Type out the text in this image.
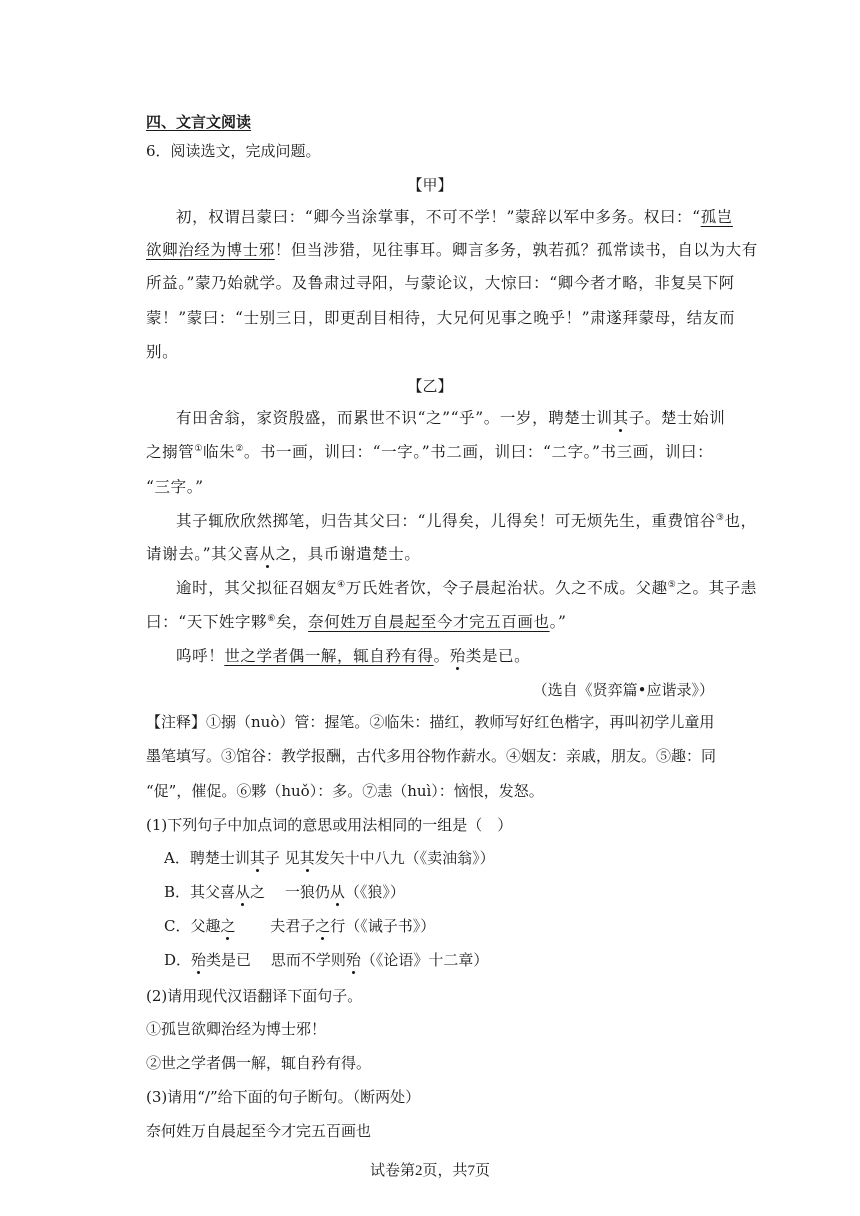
四、文言文阅读
6．阅读选文，完成问题。
【甲】
初，权谓吕蒙曰：“卿今当涂掌事，不可不学！”蒙辞以军中多务。权曰：“孤岂
欲卿治经为博士邪！但当涉猎，见往事耳。卿言多务，孰若孤？孤常读书，自以为大有
所益。”蒙乃始就学。及鲁肃过寻阳，与蒙论议，大惊曰：“卿今者才略，非复吴下阿
蒙！”蒙曰：“士别三日，即更刮目相待，大兄何见事之晚乎！”肃遂拜蒙母，结友而
别。
【乙】
有田舍翁，家资殷盛，而累世不识“之”“乎”。一岁，聘楚士训其子。楚士始训
之搦管①临朱②。书一画，训曰：“一字。”书二画，训曰：“二字。”书三画，训曰：
“三字。”
其子辄欣欣然掷笔，归告其父曰：“儿得矣，儿得矣！可无烦先生，重费馆谷③也，
请谢去。”其父喜从之，具币谢遣楚士。
逾时，其父拟征召姻友④万氏姓者饮，令子晨起治状。久之不成。父趣⑤之。其子恚
曰：“天下姓字夥⑥矣，奈何姓万自晨起至今才完五百画也。”
呜呼！世之学者偶一解，辄自矜有得。殆类是已。
（选自《贤弈篇•应谐录》）
【注释】①搦（nuò）管：握笔。②临朱：描红，教师写好红色楷字，再叫初学儿童用
墨笔填写。③馆谷：教学报酬，古代多用谷物作薪水。④姻友：亲戚，朋友。⑤趣：同
“促”，催促。⑥夥（huǒ）：多。⑦恚（huì）：恼恨，发怒。
(1)下列句子中加点词的意思或用法相同的一组是（　）
A．聘楚士训其子 见其发矢十中八九（《卖油翁》）
B．其父喜从之　 一狼仍从（《狼》）
C．父趣之　　 夫君子之行（《诫子书》）
D．殆类是已　 思而不学则殆（《论语》十二章）
(2)请用现代汉语翻译下面句子。
①孤岂欲卿治经为博士邪！
②世之学者偶一解，辄自矜有得。
(3)请用“/”给下面的句子断句。（断两处）
奈何姓万自晨起至今才完五百画也
试卷第2页，共7页
